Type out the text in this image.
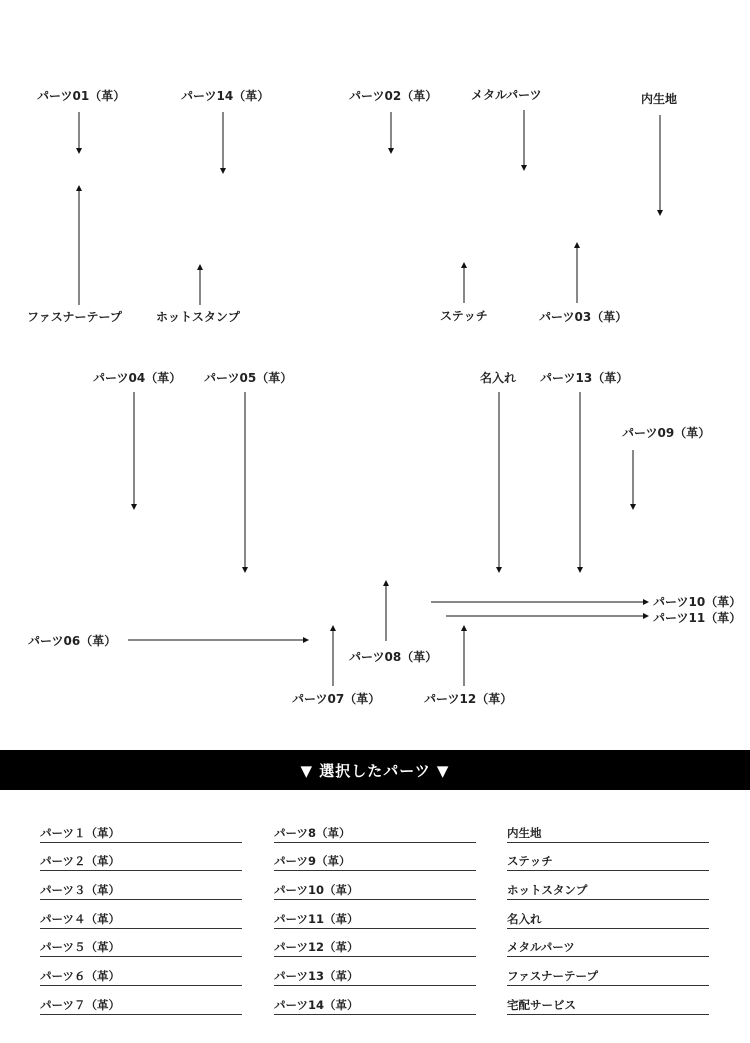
パーツ01（革）	パーツ14（革）	パーツ02（革）	メタルパーツ	内生地
ファスナーテープ	ホットスタンプ	ステッチ	パーツ03（革）
パーツ04（革） パーツ05（革）	名入れ パーツ13（革）
パーツ09（革）
パーツ10（革）
パーツ11（革）
パーツ06（革）
パーツ08（革）
パーツ07（革）	パーツ12（革）
▼ 選択したパーツ ▼
パーツ１（革）
パーツ２（革）
パーツ３（革）
パーツ４（革）
パーツ５（革）
パーツ６（革）
パーツ７（革）
パーツ8（革）
パーツ9（革）
パーツ10（革）
パーツ11（革）
パーツ12（革）
パーツ13（革）
パーツ14（革）
内生地
ステッチ
ホットスタンプ
名入れ
メタルパーツ
ファスナーテープ
宅配サービス
